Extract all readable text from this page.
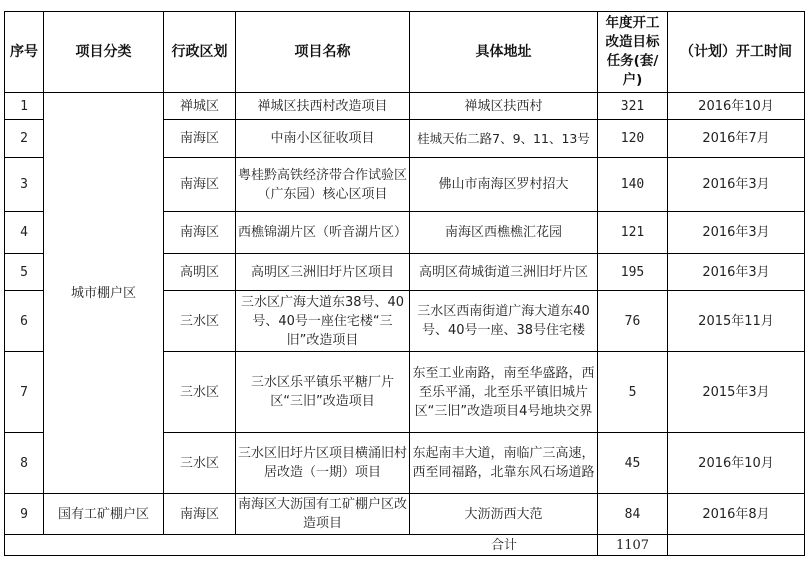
序号	项目分类	行政区划	项目名称	具体地址	年度开工改造目标任务(套/户)	（计划）开工时间
1	城市棚户区	禅城区	禅城区扶西村改造项目	禅城区扶西村	321	2016年10月
2		南海区	中南小区征收项目	桂城天佑二路7、9、11、13号	120	2016年7月
3		南海区	粤桂黔高铁经济带合作试验区（广东园）核心区项目	佛山市南海区罗村招大	140	2016年3月
4		南海区	西樵锦湖片区（听音湖片区）	南海区西樵樵汇花园	121	2016年3月
5		高明区	高明区三洲旧圩片区项目	高明区荷城街道三洲旧圩片区	195	2016年3月
6		三水区	三水区广海大道东38号、40号、40号一座住宅楼“三旧”改造项目	三水区西南街道广海大道东40号、40号一座、38号住宅楼	76	2015年11月
7		三水区	三水区乐平镇乐平糖厂片区“三旧”改造项目	东至工业南路，南至华盛路，西至乐平涌，北至乐平镇旧城片区“三旧”改造项目4号地块交界	5	2015年3月
8		三水区	三水区旧圩片区项目横涌旧村居改造（一期）项目	东起南丰大道，南临广三高速，西至同福路，北靠东风石场道路	45	2016年10月
9	国有工矿棚户区	南海区	南海区大沥国有工矿棚户区改造项目	大沥沥西大范	84	2016年8月
合计					1107	
